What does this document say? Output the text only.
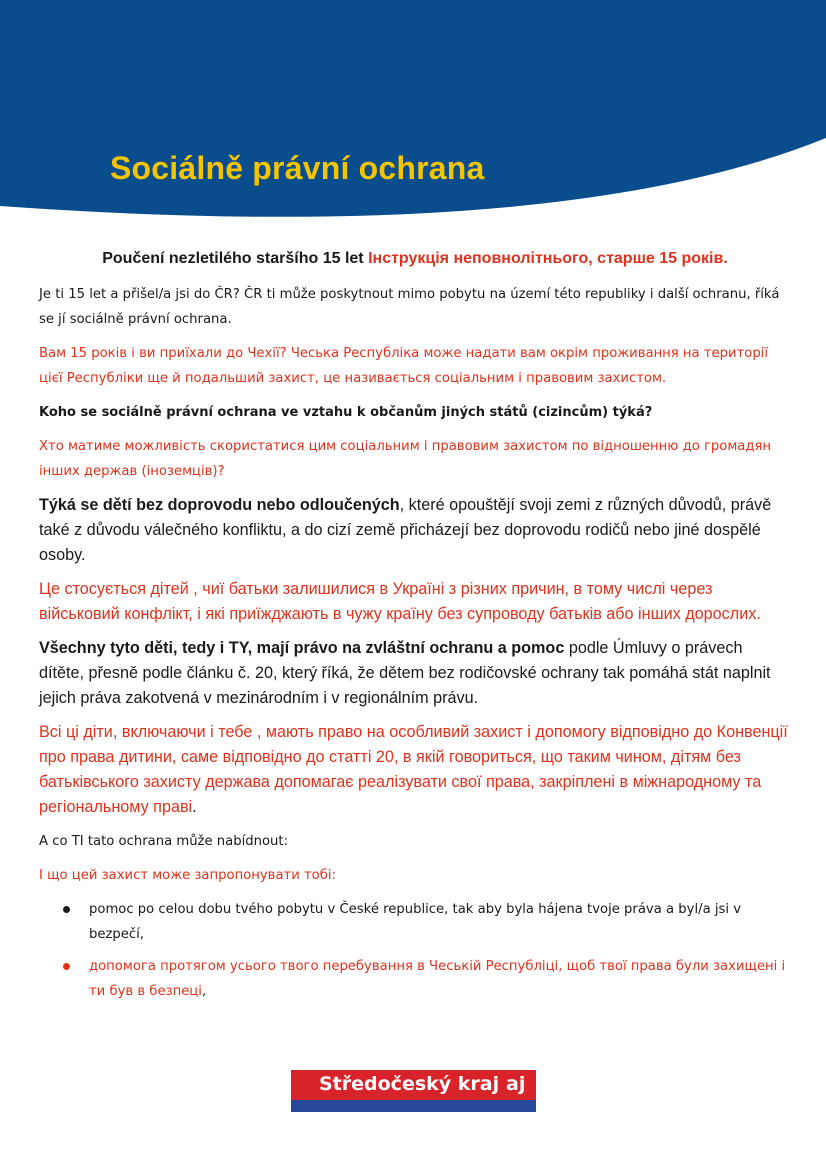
Sociálně právní ochrana

Poučení nezletilého staršího 15 let Інструкція неповнолітнього, старше 15 років.

Je ti 15 let a přišel/a jsi do ČR? ČR ti může poskytnout mimo pobytu na území této republiky i další ochranu, říká se jí sociálně právní ochrana.

Вам 15 років і ви приїхали до Чехії? Чеська Республіка може надати вам окрім проживання на території цієї Республіки ще й подальший захист, це називається соціальним і правовим захистом.

Koho se sociálně právní ochrana ve vztahu k občanům jiných států (cizincům) týká?

Хто матиме можливість скористатися цим соціальним і правовим захистом по відношенню до громадян інших держав (іноземців)?

Týká se dětí bez doprovodu nebo odloučených, které opouštějí svoji zemi z různých důvodů, právě také z důvodu válečného konfliktu, a do cizí země přicházejí bez doprovodu rodičů nebo jiné dospělé osoby.

Це стосується дітей , чиї батьки залишилися в Україні з різних причин, в тому числі через військовий конфлікт, і які приїжджають в чужу країну без супроводу батьків або інших дорослих.

Všechny tyto děti, tedy i TY, mají právo na zvláštní ochranu a pomoc podle Úmluvy o právech dítěte, přesně podle článku č. 20, který říká, že dětem bez rodičovské ochrany tak pomáhá stát naplnit jejich práva zakotvená v mezinárodním i v regionálním právu.

Всі ці діти, включаючи і тебе , мають право на особливий захист і допомогу відповідно до Конвенції про права дитини, саме відповідно до статті 20, в якій говориться, що таким чином, дітям без батьківського захисту держава допомагає реалізувати свої права, закріплені в міжнародному та регіональному праві.

A co TI tato ochrana může nabídnout:

І що цей захист може запропонувати тобі:

pomoc po celou dobu tvého pobytu v České republice, tak aby byla hájena tvoje práva a byl/a jsi v bezpečí,
допомога протягом усього твого перебування в Чеській Республіці, щоб твої права були захищені і ти був в безпеці,
Středočeský kraj aj
